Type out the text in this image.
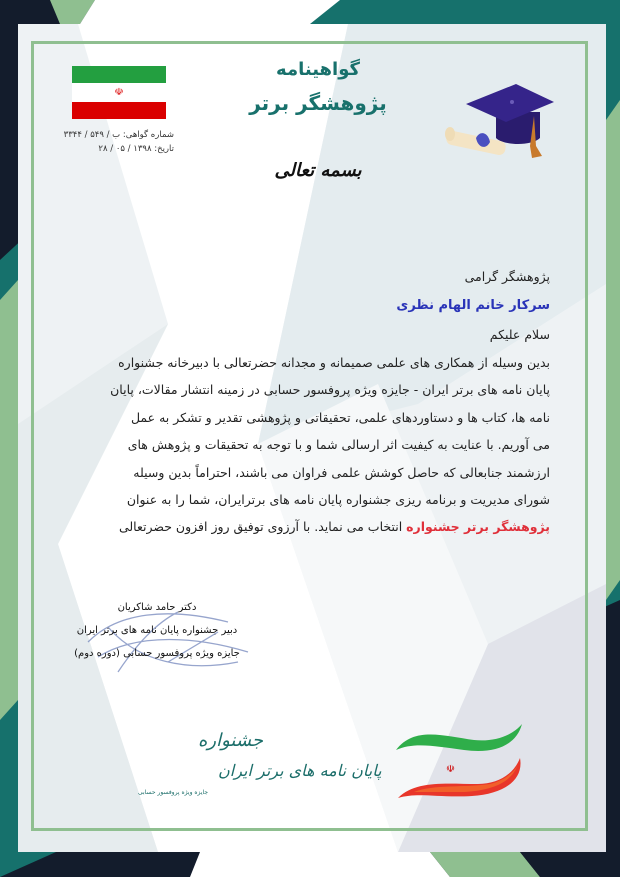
☫
شماره گواهی: ب / ۵۴۹ / ۳۳۴۴
تاریخ: ۱۳۹۸ / ۰۵ / ۲۸
گواهینامه
پژوهشگر برتر
بسمه تعالی
پژوهشگر گرامی
سرکار خانم الهام نظری
سلام علیکم

بدین وسیله از همکاری های علمی صمیمانه و مجدانه حضرتعالی با دبیرخانه جشنواره

پایان نامه های برتر ایران - جایزه ویژه پروفسور حسابی در زمینه انتشار مقالات، پایان

نامه ها، کتاب ها و دستاوردهای علمی، تحقیقاتی و پژوهشی تقدیر و تشکر به عمل

می آوریم. با عنایت به کیفیت اثر ارسالی شما و با توجه به تحقیقات و پژوهش های

ارزشمند جنابعالی که حاصل کوشش علمی فراوان می باشند، احتراماً بدین وسیله

شورای مدیریت و برنامه ریزی جشنواره پایان نامه های برترایران، شما را به عنوان

پژوهشگر برتر جشنواره انتخاب می نماید. با آرزوی توفیق روز افزون حضرتعالی

دکتر حامد شاکریان
دبیر جشنواره پایان نامه های برتر ایران
جایزه ویژه پروفسور حسابی (دوره دوم)
جشنواره
پایان نامه های برتر ایران
جایزه ویژه پروفسور حسابی
☫
